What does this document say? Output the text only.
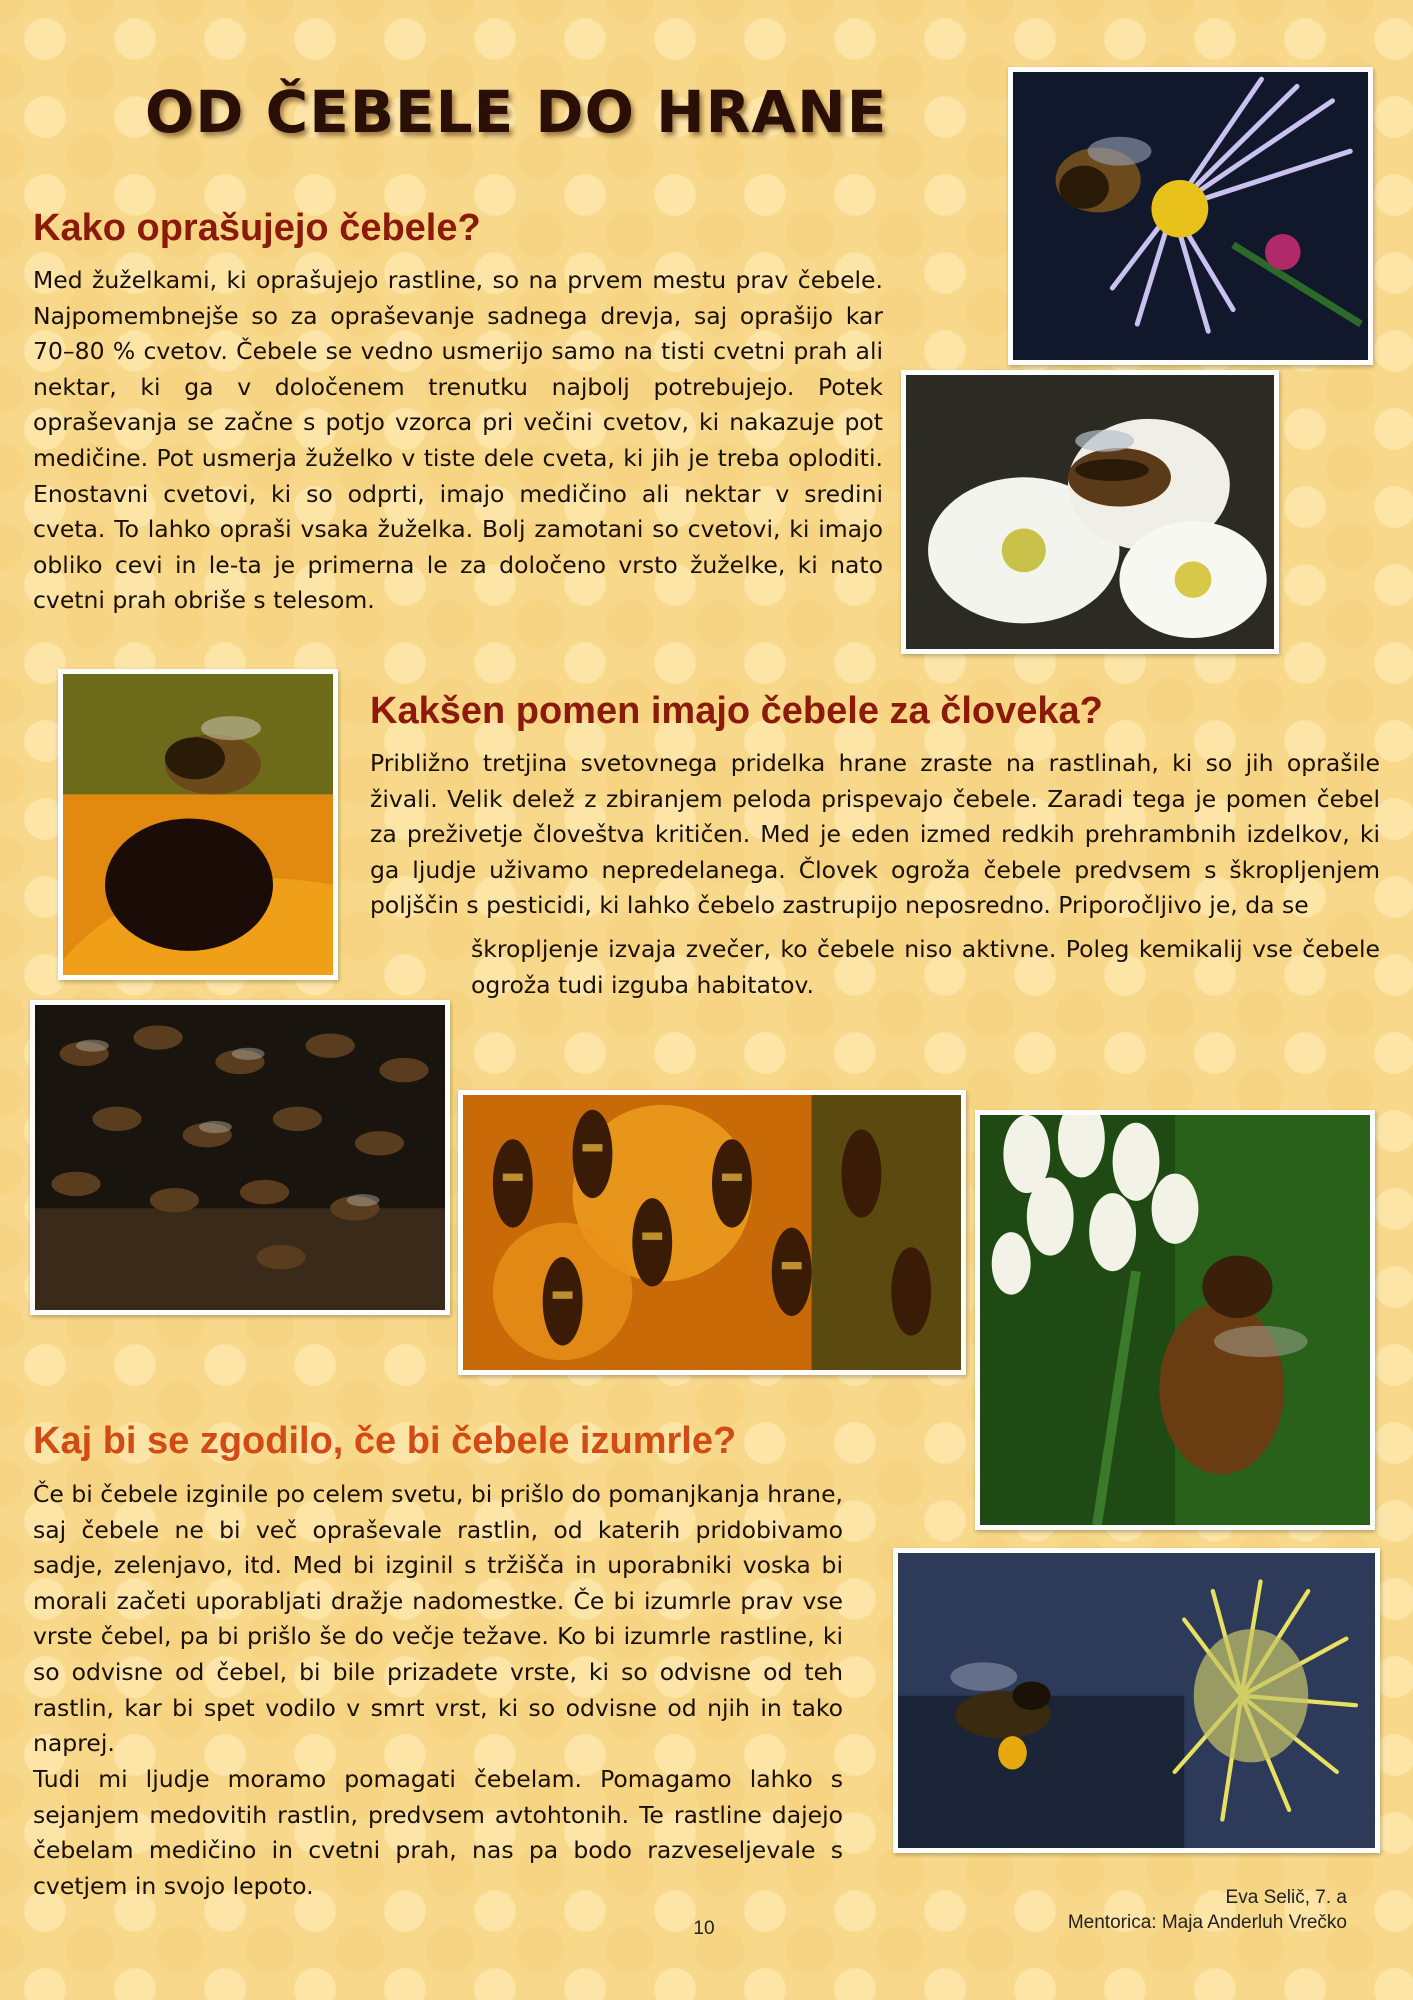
OD ČEBELE DO HRANE
Kako oprašujejo čebele?

Med žuželkami, ki oprašujejo rastline, so na prvem mestu prav čebele. Najpomembnejše so za opraševanje sadnega drevja, saj oprašijo kar 70–80 % cvetov. Čebele se vedno usmerijo samo na tisti cvetni prah ali nektar, ki ga v določenem trenutku najbolj potrebujejo. Potek opraševanja se začne s potjo vzorca pri večini cvetov, ki nakazuje pot medičine. Pot usmerja žuželko v tiste dele cveta, ki jih je treba oploditi. Enostavni cvetovi, ki so odprti, imajo medičino ali nektar v sredini cveta. To lahko opraši vsaka žuželka. Bolj zamotani so cvetovi, ki imajo obliko cevi in le-ta je primerna le za določeno vrsto žuželke, ki nato cvetni prah obriše s telesom.

Kakšen pomen imajo čebele za človeka?

Približno tretjina svetovnega pridelka hrane zraste na rastlinah, ki so jih oprašile živali. Velik delež z zbiranjem peloda prispevajo čebele. Zaradi tega je pomen čebel za preživetje človeštva kritičen. Med je eden izmed redkih prehrambnih izdelkov, ki ga ljudje uživamo nepredelanega. Človek ogroža čebele predvsem s škropljenjem poljščin s pesticidi, ki lahko čebelo zastrupijo neposredno. Priporočljivo je, da se

škropljenje izvaja zvečer, ko čebele niso aktivne. Poleg kemikalij vse čebele ogroža tudi izguba habitatov.

Kaj bi se zgodilo, če bi čebele izumrle?

Če bi čebele izginile po celem svetu, bi prišlo do pomanjkanja hrane, saj čebele ne bi več opraševale rastlin, od katerih pridobivamo sadje, zelenjavo, itd. Med bi izginil s tržišča in uporabniki voska bi morali začeti uporabljati dražje nadomestke. Če bi izumrle prav vse vrste čebel, pa bi prišlo še do večje težave. Ko bi izumrle rastline, ki so odvisne od čebel, bi bile prizadete vrste, ki so odvisne od teh rastlin, kar bi spet vodilo v smrt vrst, ki so odvisne od njih in tako naprej.

Tudi mi ljudje moramo pomagati čebelam. Pomagamo lahko s sejanjem medovitih rastlin, predvsem avtohtonih. Te rastline dajejo čebelam medičino in cvetni prah, nas pa bodo razveseljevale s cvetjem in svojo lepoto.

10
Eva Selič, 7. a
Mentorica: Maja Anderluh Vrečko
